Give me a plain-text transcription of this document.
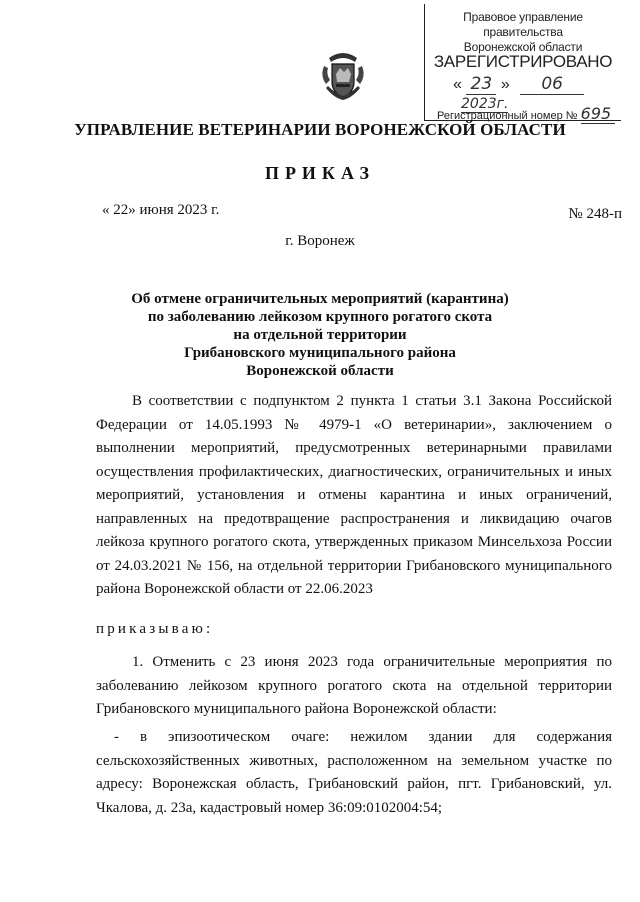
Правовое управление правительства
Воронежской области
ЗАРЕГИСТРИРОВАНО
« 23 » 06 2023г.
Регистрационный номер № 695
УПРАВЛЕНИЕ ВЕТЕРИНАРИИ ВОРОНЕЖСКОЙ ОБЛАСТИ
ПРИКАЗ
« 22» июня 2023 г.	№ 248-п
г. Воронеж
Об отмене ограничительных мероприятий (карантина)
по заболеванию лейкозом крупного рогатого скота
на отдельной территории
Грибановского муниципального района
Воронежской области

В соответствии с подпунктом 2 пункта 1 статьи 3.1 Закона Российской Федерации от 14.05.1993 № 4979-1 «О ветеринарии», заключением о выполнении мероприятий, предусмотренных ветеринарными правилами осуществления профилактических, диагностических, ограничительных и иных мероприятий, установления и отмены карантина и иных ограничений, направленных на предотвращение распространения и ликвидацию очагов лейкоза крупного рогатого скота, утвержденных приказом Минсельхоза России от 24.03.2021 № 156, на отдельной территории Грибановского муниципального района Воронежской области от 22.06.2023

приказываю:

1. Отменить с 23 июня 2023 года ограничительные мероприятия по заболеванию лейкозом крупного рогатого скота на отдельной территории Грибановского муниципального района Воронежской области:

- в эпизоотическом очаге: нежилом здании для содержания сельскохозяйственных животных, расположенном на земельном участке по адресу: Воронежская область, Грибановский район, пгт. Грибановский, ул. Чкалова, д. 23а, кадастровый номер 36:09:0102004:54;
